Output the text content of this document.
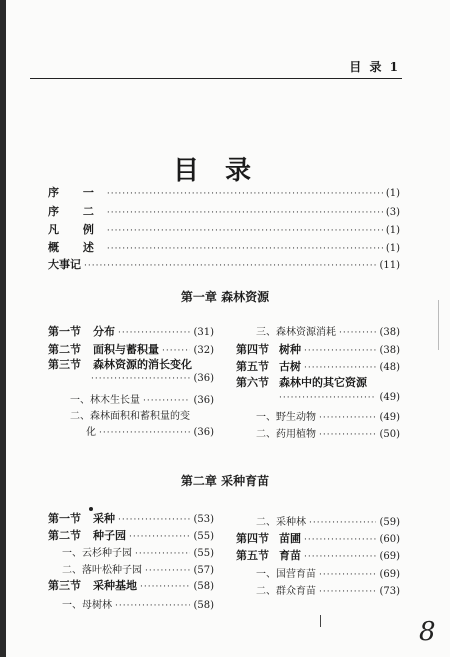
目 录 1
目录
序 一 ·····	(1)
序 二 ·····	(3)
凡 例 ·····	(1)
概 述 ·····	(1)
大事记 ·····	(11)
第一章 森林资源
第一节 分布 ·····	(31)
第二节 面积与蓄积量 ·····	(32)
第三节 森林资源的消长变化
·····
(36)
一、林木生长量 ·····	(36)
二、森林面积和蓄积量的变
化 ·····	(36)
三、森林资源消耗 ·····	(38)
第四节 树种 ·····	(38)
第五节 古树 ·····	(48)
第六节 森林中的其它资源
·····
(49)
一、野生动物 ·····	(49)
二、药用植物 ·····	(50)
第二章 采种育苗
第一节 采种 ·····	(53)
第二节 种子园 ·····	(55)
一、云杉种子园 ·····	(55)
二、落叶松种子园 ·····	(57)
第三节 采种基地 ·····	(58)
一、母树林 ·····	(58)
二、采种林 ·····	(59)
第四节 苗圃 ·····	(60)
第五节 育苗 ·····	(69)
一、国营育苗 ·····	(69)
二、群众育苗 ·····	(73)
8
